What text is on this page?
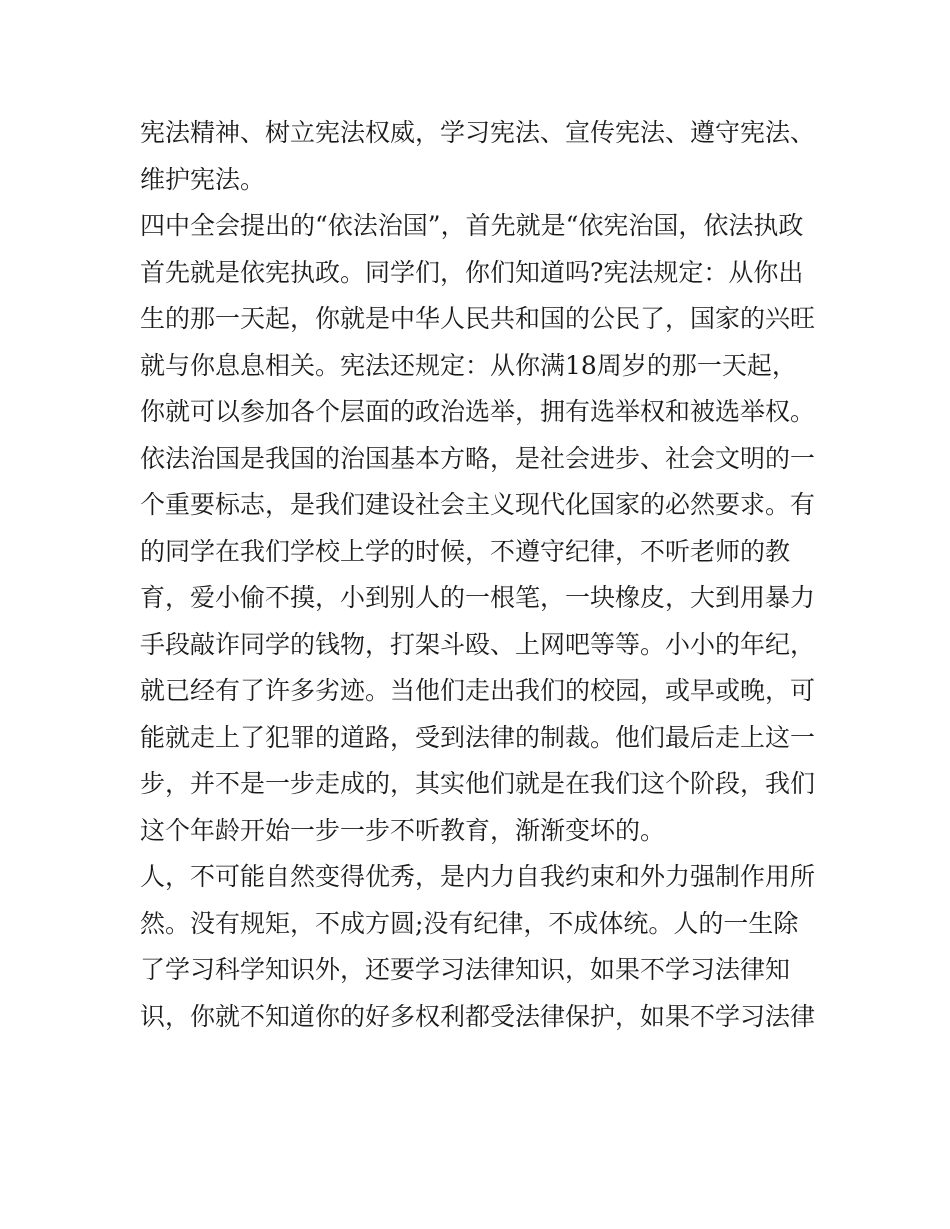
宪法精神、树立宪法权威，学习宪法、宣传宪法、遵守宪法、
维护宪法。
四中全会提出的“依法治国”，首先就是“依宪治国，依法执政
首先就是依宪执政。同学们，你们知道吗?宪法规定：从你出
生的那一天起，你就是中华人民共和国的公民了，国家的兴旺
就与你息息相关。宪法还规定：从你满18周岁的那一天起，
你就可以参加各个层面的政治选举，拥有选举权和被选举权。
依法治国是我国的治国基本方略，是社会进步、社会文明的一
个重要标志，是我们建设社会主义现代化国家的必然要求。有
的同学在我们学校上学的时候，不遵守纪律，不听老师的教
育，爱小偷不摸，小到别人的一根笔，一块橡皮，大到用暴力
手段敲诈同学的钱物，打架斗殴、上网吧等等。小小的年纪，
就已经有了许多劣迹。当他们走出我们的校园，或早或晚，可
能就走上了犯罪的道路，受到法律的制裁。他们最后走上这一
步，并不是一步走成的，其实他们就是在我们这个阶段，我们
这个年龄开始一步一步不听教育，渐渐变坏的。
人，不可能自然变得优秀，是内力自我约束和外力强制作用所
然。没有规矩，不成方圆;没有纪律，不成体统。人的一生除
了学习科学知识外，还要学习法律知识，如果不学习法律知
识，你就不知道你的好多权利都受法律保护，如果不学习法律
